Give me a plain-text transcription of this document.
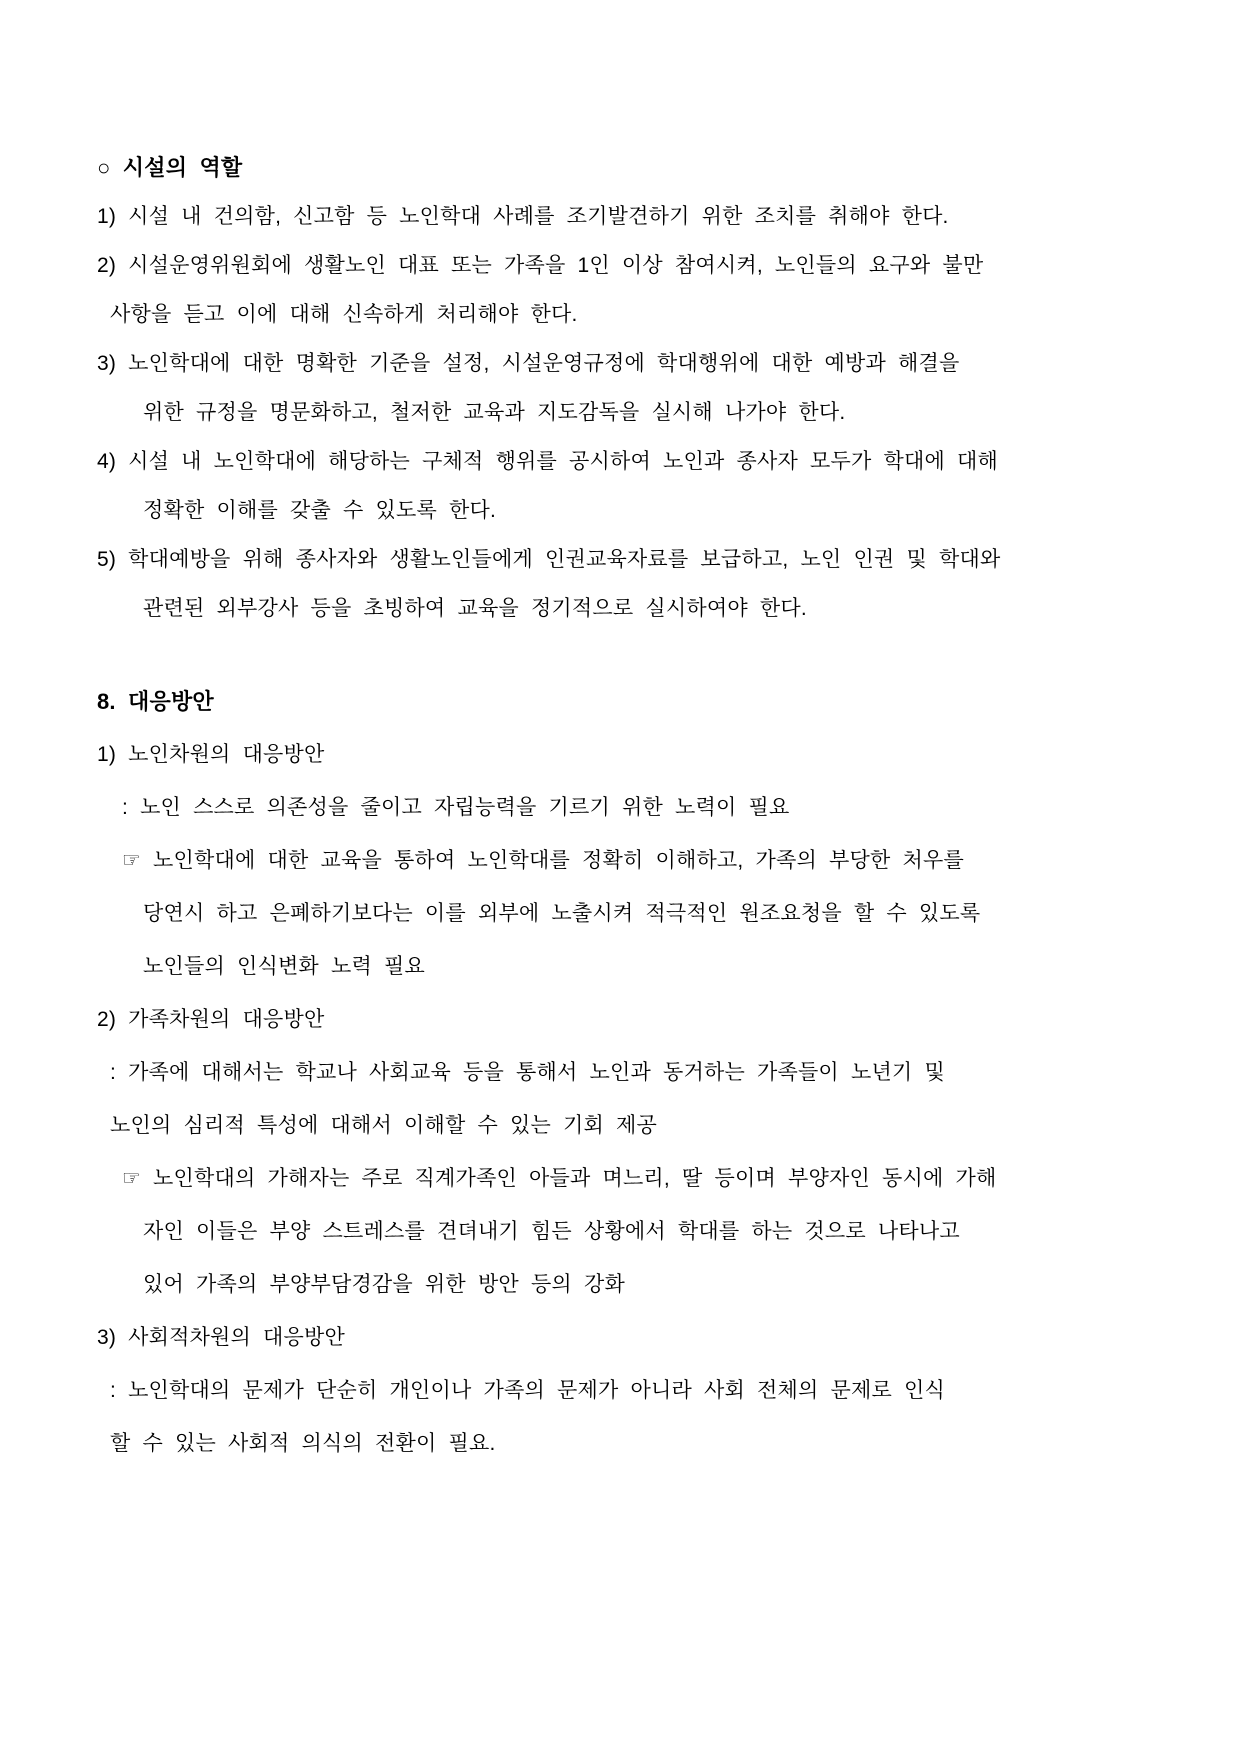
○ 시설의 역할
1) 시설 내 건의함, 신고함 등 노인학대 사례를 조기발견하기 위한 조치를 취해야 한다.
2) 시설운영위원회에 생활노인 대표 또는 가족을 1인 이상 참여시켜, 노인들의 요구와 불만
사항을 듣고 이에 대해 신속하게 처리해야 한다.
3) 노인학대에 대한 명확한 기준을 설정, 시설운영규정에 학대행위에 대한 예방과 해결을
위한 규정을 명문화하고, 철저한 교육과 지도감독을 실시해 나가야 한다.
4) 시설 내 노인학대에 해당하는 구체적 행위를 공시하여 노인과 종사자 모두가 학대에 대해
정확한 이해를 갖출 수 있도록 한다.
5) 학대예방을 위해 종사자와 생활노인들에게 인권교육자료를 보급하고, 노인 인권 및 학대와
관련된 외부강사 등을 초빙하여 교육을 정기적으로 실시하여야 한다.
8. 대응방안
1) 노인차원의 대응방안
: 노인 스스로 의존성을 줄이고 자립능력을 기르기 위한 노력이 필요
☞ 노인학대에 대한 교육을 통하여 노인학대를 정확히 이해하고, 가족의 부당한 처우를
당연시 하고 은폐하기보다는 이를 외부에 노출시켜 적극적인 원조요청을 할 수 있도록
노인들의 인식변화 노력 필요
2) 가족차원의 대응방안
: 가족에 대해서는 학교나 사회교육 등을 통해서 노인과 동거하는 가족들이 노년기 및
노인의 심리적 특성에 대해서 이해할 수 있는 기회 제공
☞ 노인학대의 가해자는 주로 직계가족인 아들과 며느리, 딸 등이며 부양자인 동시에 가해
자인 이들은 부양 스트레스를 견뎌내기 힘든 상황에서 학대를 하는 것으로 나타나고
있어 가족의 부양부담경감을 위한 방안 등의 강화
3) 사회적차원의 대응방안
: 노인학대의 문제가 단순히 개인이나 가족의 문제가 아니라 사회 전체의 문제로 인식
할 수 있는 사회적 의식의 전환이 필요.
